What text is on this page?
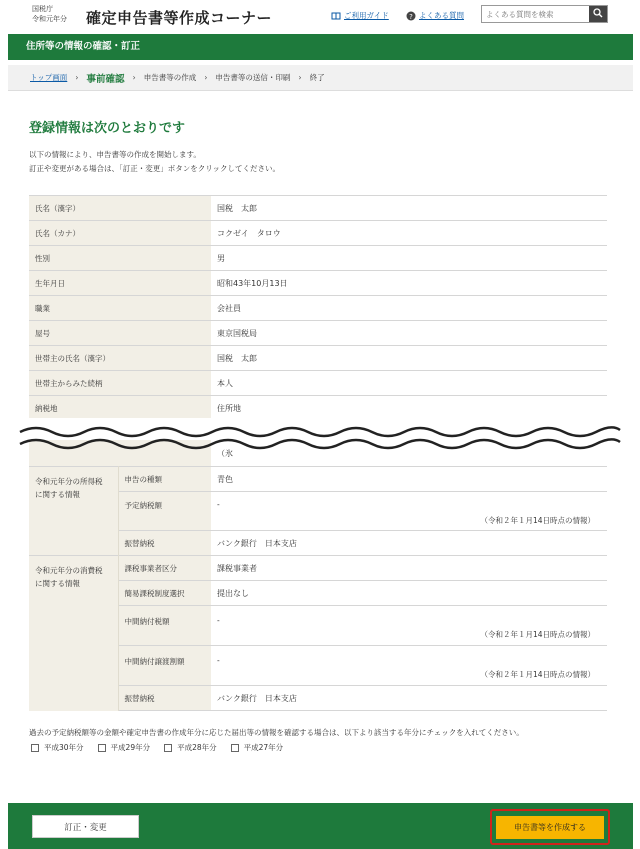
国税庁
令和元年分 確定申告書等作成コーナー	ご利用ガイド	? よくある質問
よくある質問を検索
住所等の情報の確認・訂正
トップ画面 › 事前確認 › 申告書等の作成 › 申告書等の送信・印刷 › 終了
登録情報は次のとおりです
以下の情報により、申告書等の作成を開始します。
訂正や変更がある場合は、「訂正・変更」ボタンをクリックしてください。
氏名（漢字）	国税　太郎
氏名（カナ）	コクゼイ　タロウ
性別	男
生年月日	昭和43年10月13日
職業	会社員
屋号	東京国税局
世帯主の氏名（漢字）	国税　太郎
世帯主からみた続柄	本人
納税地	住所地
（氷
令和元年分の所得税
に関する情報	申告の種類	青色
	予定納税額	-
（令和２年１月14日時点の情報）

	振替納税	バンク銀行　日本支店

令和元年分の消費税
に関する情報	課税事業者区分	課税事業者
	簡易課税制度選択	提出なし
	中間納付税額	-
（令和２年１月14日時点の情報）

	中間納付譲渡割額	-
（令和２年１月14日時点の情報）

	振替納税	バンク銀行　日本支店
過去の予定納税額等の金額や確定申告書の作成年分に応じた届出等の情報を確認する場合は、以下より該当する年分にチェックを入れてください。
平成30年分	平成29年分	平成28年分	平成27年分
訂正・変更	申告書等を作成する
